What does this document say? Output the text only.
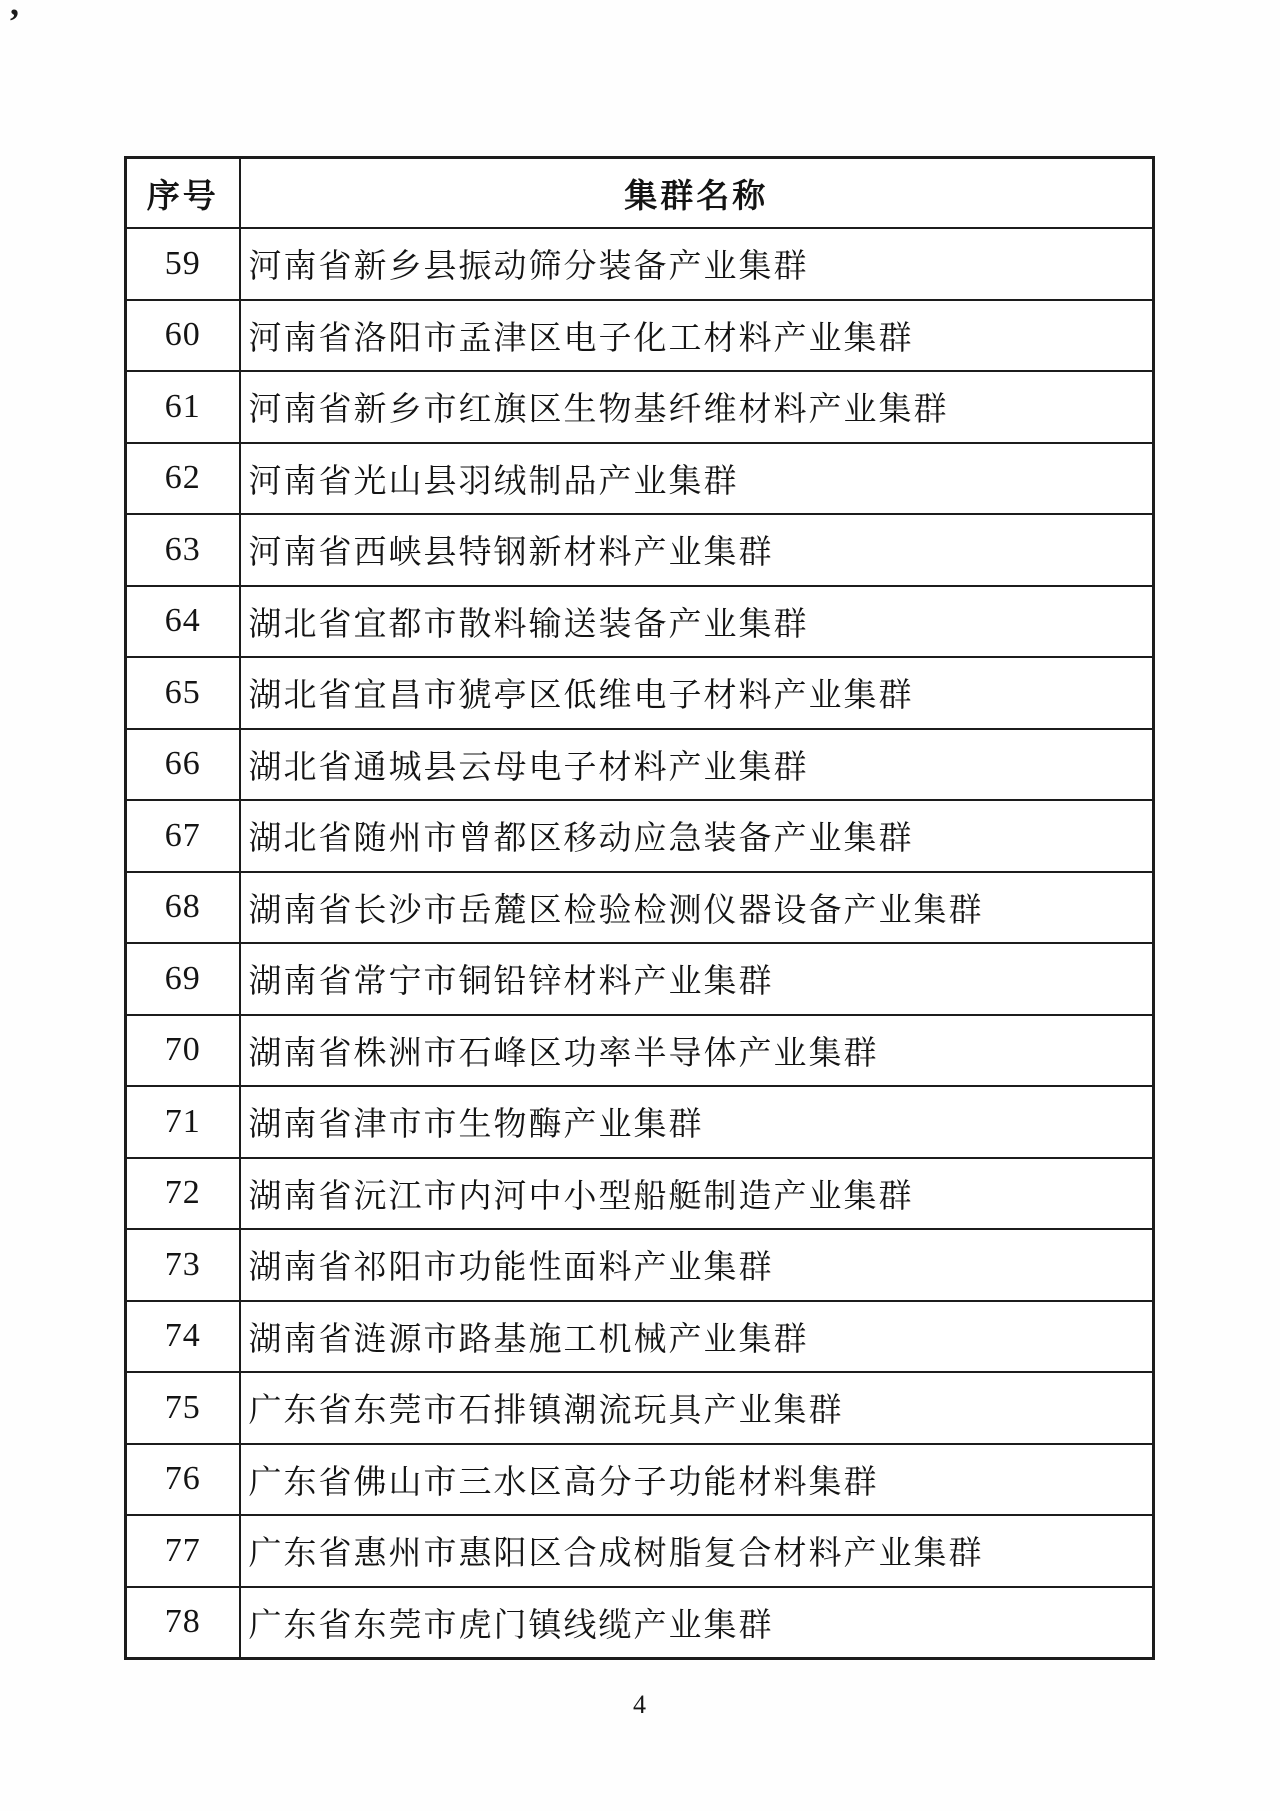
,
序号	集群名称
59	河南省新乡县振动筛分装备产业集群
60	河南省洛阳市孟津区电子化工材料产业集群
61	河南省新乡市红旗区生物基纤维材料产业集群
62	河南省光山县羽绒制品产业集群
63	河南省西峡县特钢新材料产业集群
64	湖北省宜都市散料输送装备产业集群
65	湖北省宜昌市猇亭区低维电子材料产业集群
66	湖北省通城县云母电子材料产业集群
67	湖北省随州市曾都区移动应急装备产业集群
68	湖南省长沙市岳麓区检验检测仪器设备产业集群
69	湖南省常宁市铜铅锌材料产业集群
70	湖南省株洲市石峰区功率半导体产业集群
71	湖南省津市市生物酶产业集群
72	湖南省沅江市内河中小型船艇制造产业集群
73	湖南省祁阳市功能性面料产业集群
74	湖南省涟源市路基施工机械产业集群
75	广东省东莞市石排镇潮流玩具产业集群
76	广东省佛山市三水区高分子功能材料集群
77	广东省惠州市惠阳区合成树脂复合材料产业集群
78	广东省东莞市虎门镇线缆产业集群
4
